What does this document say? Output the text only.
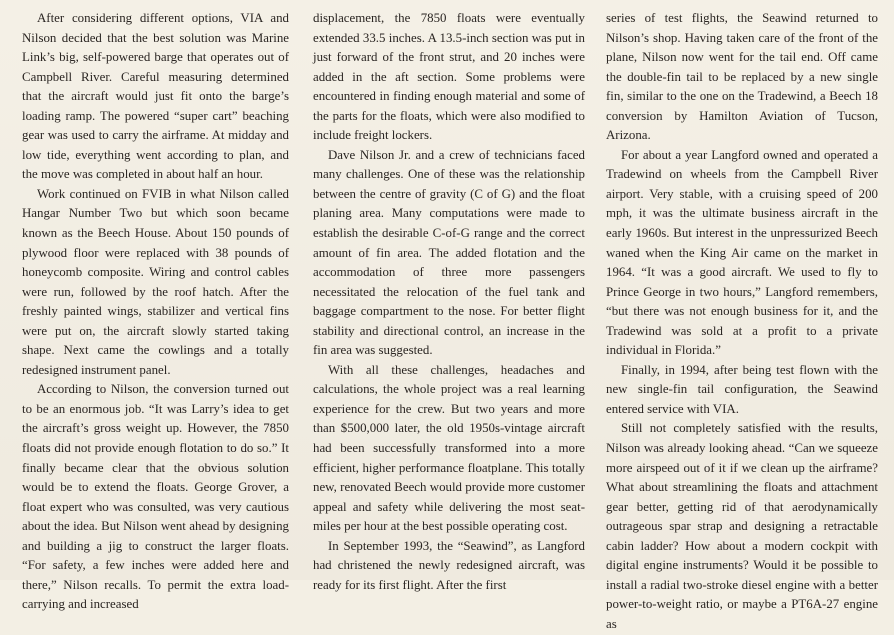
After considering different options, VIA and Nilson decided that the best solution was Marine Link’s big, self-powered barge that operates out of Campbell River. Careful measuring determined that the aircraft would just fit onto the barge’s loading ramp. The powered “super cart” beaching gear was used to carry the airframe. At midday and low tide, everything went according to plan, and the move was completed in about half an hour.

Work continued on FVIB in what Nilson called Hangar Number Two but which soon became known as the Beech House. About 150 pounds of plywood floor were replaced with 38 pounds of honeycomb composite. Wiring and control cables were run, followed by the roof hatch. After the freshly painted wings, stabilizer and vertical fins were put on, the aircraft slowly started taking shape. Next came the cowlings and a totally redesigned instrument panel.

According to Nilson, the conversion turned out to be an enormous job. “It was Larry’s idea to get the aircraft’s gross weight up. However, the 7850 floats did not provide enough flotation to do so.” It finally became clear that the obvious solution would be to extend the floats. George Grover, a float expert who was consulted, was very cautious about the idea. But Nilson went ahead by designing and building a jig to construct the larger floats. “For safety, a few inches were added here and there,” Nilson recalls. To permit the extra load-carrying and increased

displacement, the 7850 floats were eventually extended 33.5 inches. A 13.5-inch section was put in just forward of the front strut, and 20 inches were added in the aft section. Some problems were encountered in finding enough material and some of the parts for the floats, which were also modified to include freight lockers.

Dave Nilson Jr. and a crew of technicians faced many challenges. One of these was the relationship between the centre of gravity (C of G) and the float planing area. Many computations were made to establish the desirable C-of-G range and the correct amount of fin area. The added flotation and the accommodation of three more passengers necessitated the relocation of the fuel tank and baggage compartment to the nose. For better flight stability and directional control, an increase in the fin area was suggested.

With all these challenges, headaches and calculations, the whole project was a real learning experience for the crew. But two years and more than $500,000 later, the old 1950s-vintage aircraft had been successfully transformed into a more efficient, higher performance floatplane. This totally new, renovated Beech would provide more customer appeal and safety while delivering the most seat-miles per hour at the best possible operating cost.

In September 1993, the “Seawind”, as Langford had christened the newly redesigned aircraft, was ready for its first flight. After the first

series of test flights, the Seawind returned to Nilson’s shop. Having taken care of the front of the plane, Nilson now went for the tail end. Off came the double-fin tail to be replaced by a new single fin, similar to the one on the Tradewind, a Beech 18 conversion by Hamilton Aviation of Tucson, Arizona.

For about a year Langford owned and operated a Tradewind on wheels from the Campbell River airport. Very stable, with a cruising speed of 200 mph, it was the ultimate business aircraft in the early 1960s. But interest in the unpressurized Beech waned when the King Air came on the market in 1964. “It was a good aircraft. We used to fly to Prince George in two hours,” Langford remembers, “but there was not enough business for it, and the Tradewind was sold at a profit to a private individual in Florida.”

Finally, in 1994, after being test flown with the new single-fin tail configuration, the Seawind entered service with VIA.

Still not completely satisfied with the results, Nilson was already looking ahead. “Can we squeeze more airspeed out of it if we clean up the airframe? What about streamlining the floats and attachment gear better, getting rid of that aerodynamically outrageous spar strap and designing a retractable cabin ladder? How about a modern cockpit with digital engine instruments? Would it be possible to install a radial two-stroke diesel engine with a better power-to-weight ratio, or maybe a PT6A-27 engine as
